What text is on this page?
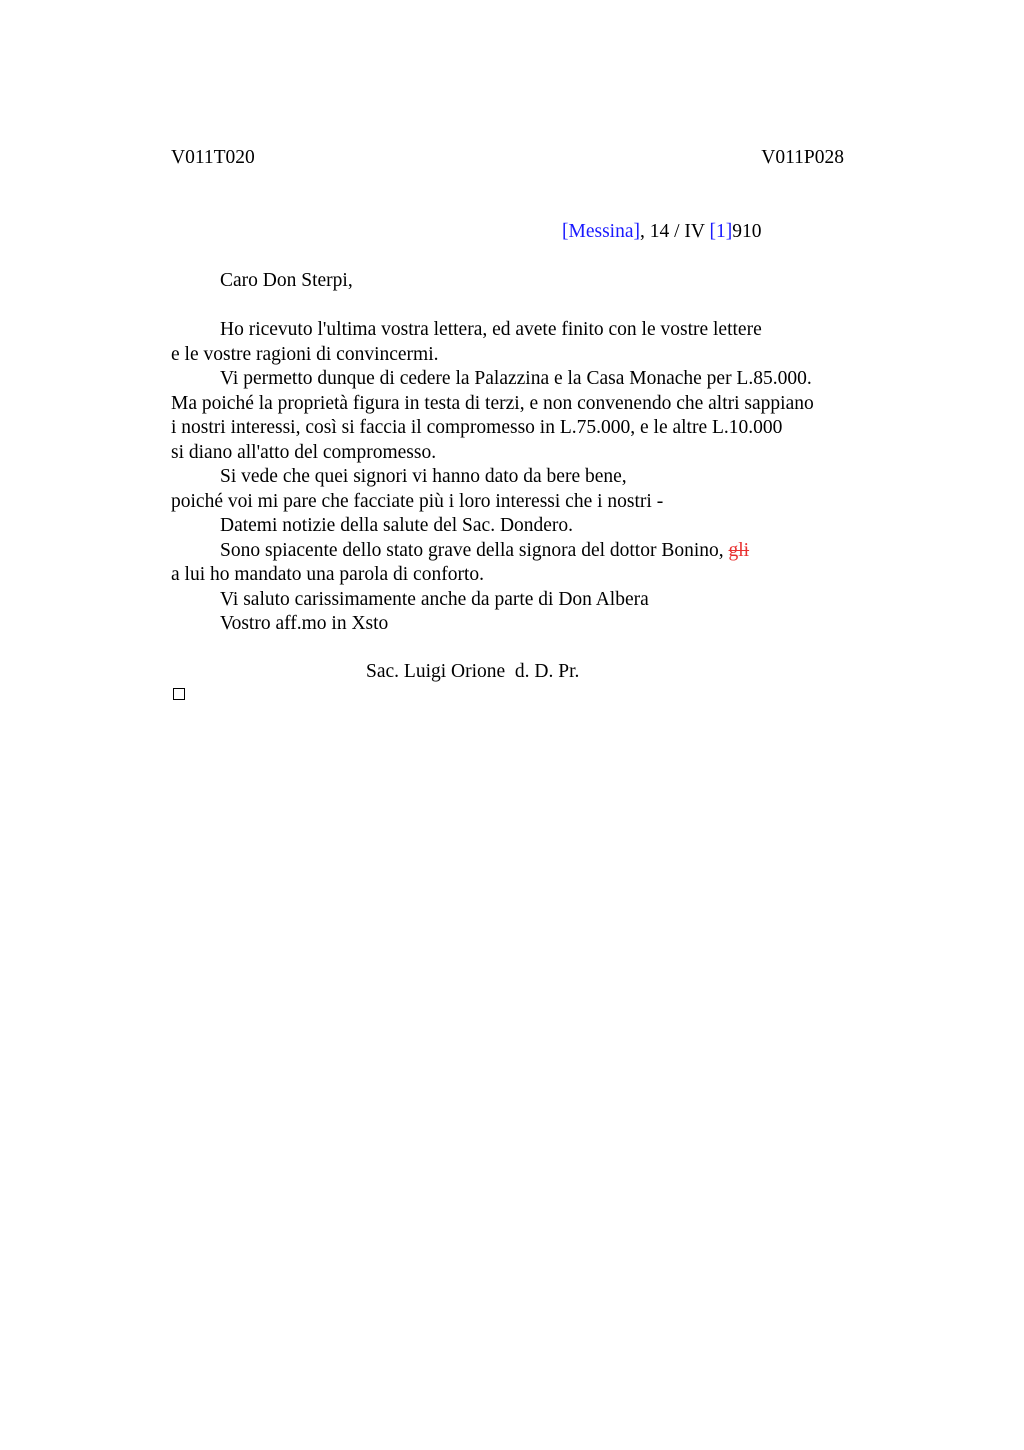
V011T020	V011P028
[Messina], 14 / IV [1]910
Caro Don Sterpi,
Ho ricevuto l'ultima vostra lettera, ed avete finito con le vostre lettere
e le vostre ragioni di convincermi.
Vi permetto dunque di cedere la Palazzina e la Casa Monache per L.85.000.
Ma poiché la proprietà figura in testa di terzi, e non convenendo che altri sappiano
i nostri interessi, così si faccia il compromesso in L.75.000, e le altre L.10.000
si diano all'atto del compromesso.
Si vede che quei signori vi hanno dato da bere bene,
poiché voi mi pare che facciate più i loro interessi che i nostri -
Datemi notizie della salute del Sac. Dondero.
Sono spiacente dello stato grave della signora del dottor Bonino, gli
a lui ho mandato una parola di conforto.
Vi saluto carissimamente anche da parte di Don Albera
Vostro aff.mo in Xsto
Sac. Luigi Orione  d. D. Pr.
